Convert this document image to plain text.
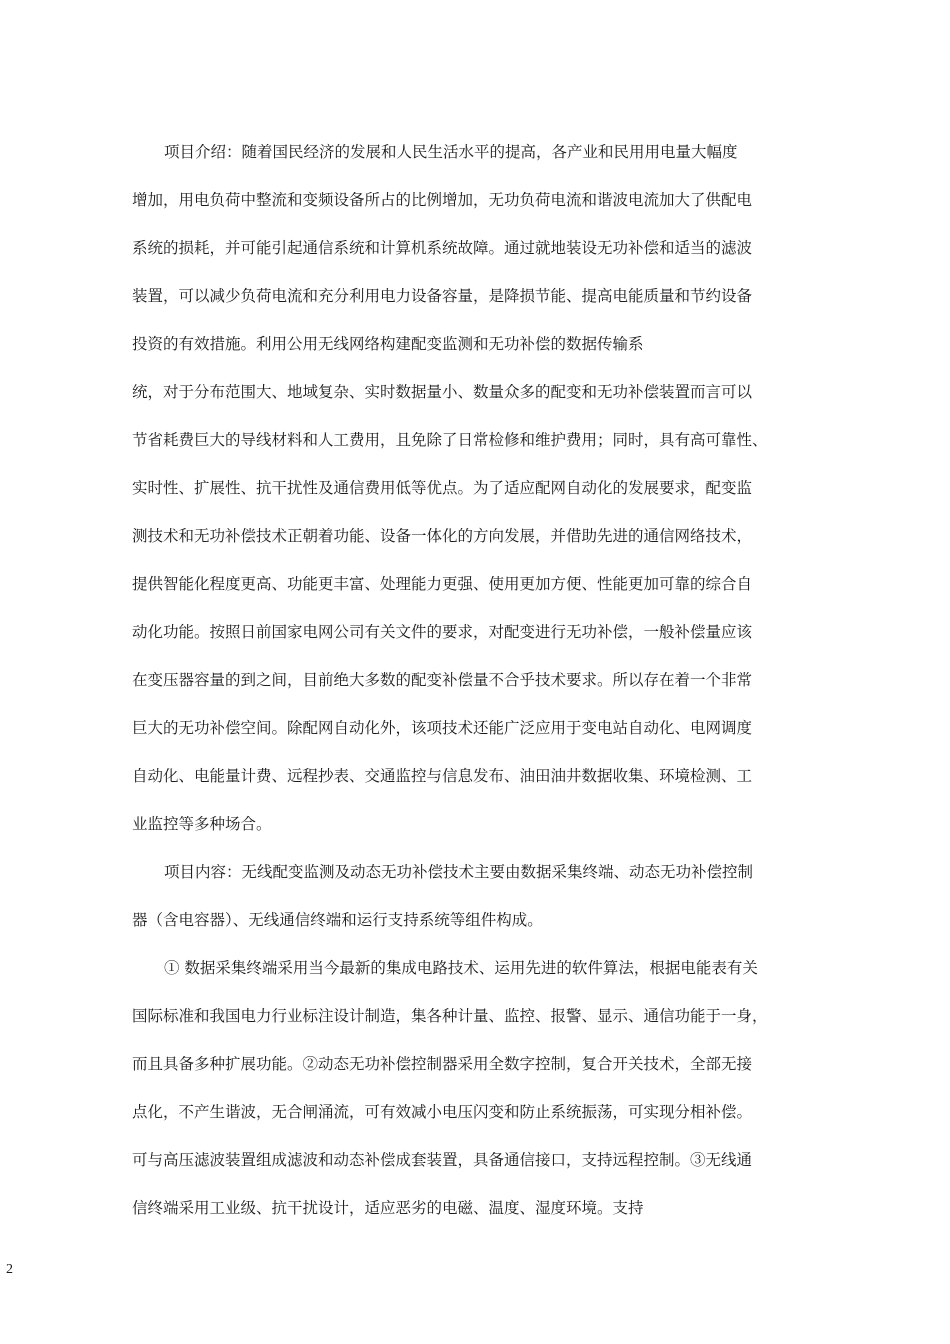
项目介绍：随着国民经济的发展和人民生活水平的提高，各产业和民用用电量大幅度
增加，用电负荷中整流和变频设备所占的比例增加，无功负荷电流和谐波电流加大了供配电
系统的损耗，并可能引起通信系统和计算机系统故障。通过就地装设无功补偿和适当的滤波
装置，可以减少负荷电流和充分利用电力设备容量，是降损节能、提高电能质量和节约设备
投资的有效措施。利用公用无线网络构建配变监测和无功补偿的数据传输系
统，对于分布范围大、地域复杂、实时数据量小、数量众多的配变和无功补偿装置而言可以
节省耗费巨大的导线材料和人工费用，且免除了日常检修和维护费用；同时，具有高可靠性、
实时性、扩展性、抗干扰性及通信费用低等优点。为了适应配网自动化的发展要求，配变监
测技术和无功补偿技术正朝着功能、设备一体化的方向发展，并借助先进的通信网络技术，
提供智能化程度更高、功能更丰富、处理能力更强、使用更加方便、性能更加可靠的综合自
动化功能。按照日前国家电网公司有关文件的要求，对配变进行无功补偿，一般补偿量应该
在变压器容量的到之间，目前绝大多数的配变补偿量不合乎技术要求。所以存在着一个非常
巨大的无功补偿空间。除配网自动化外，该项技术还能广泛应用于变电站自动化、电网调度
自动化、电能量计费、远程抄表、交通监控与信息发布、油田油井数据收集、环境检测、工
业监控等多种场合。
项目内容：无线配变监测及动态无功补偿技术主要由数据采集终端、动态无功补偿控制
器（含电容器）、无线通信终端和运行支持系统等组件构成。
① 数据采集终端采用当今最新的集成电路技术、运用先进的软件算法，根据电能表有关
国际标准和我国电力行业标注设计制造，集各种计量、监控、报警、显示、通信功能于一身，
而且具备多种扩展功能。②动态无功补偿控制器采用全数字控制，复合开关技术，全部无接
点化，不产生谐波，无合闸涌流，可有效减小电压闪变和防止系统振荡，可实现分相补偿。
可与高压滤波装置组成滤波和动态补偿成套装置，具备通信接口，支持远程控制。③无线通
信终端采用工业级、抗干扰设计，适应恶劣的电磁、温度、湿度环境。支持
2
